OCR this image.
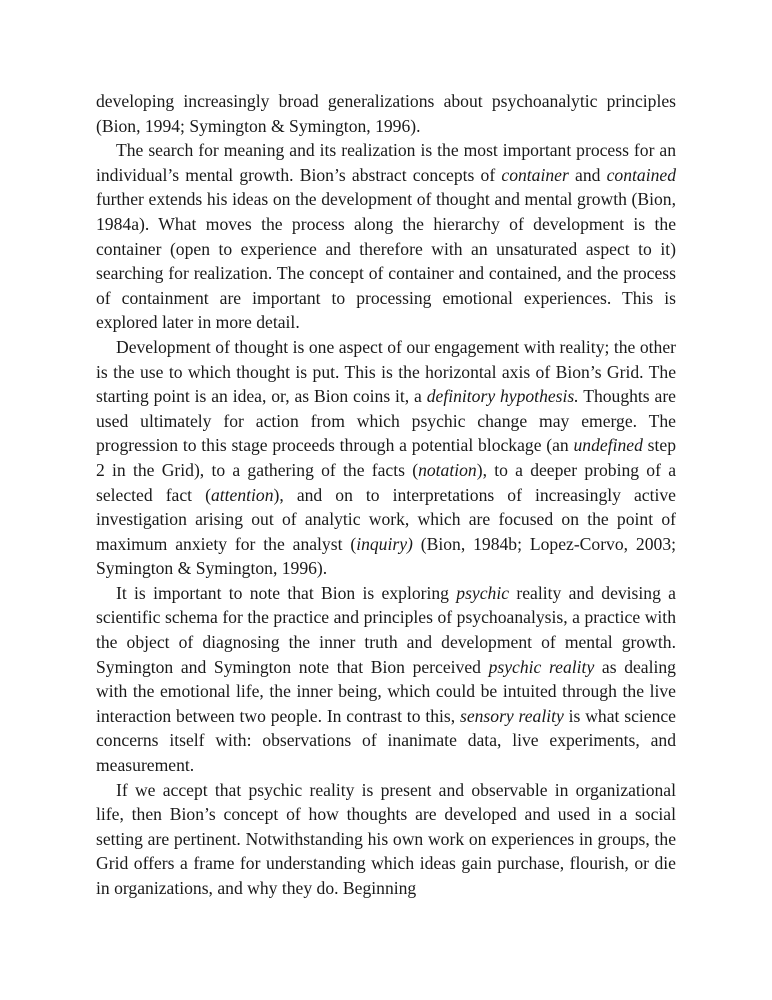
developing increasingly broad generalizations about psychoanalytic principles (Bion, 1994; Symington & Symington, 1996).

The search for meaning and its realization is the most important process for an individual’s mental growth. Bion’s abstract concepts of container and contained further extends his ideas on the development of thought and mental growth (Bion, 1984a). What moves the process along the hierarchy of development is the container (open to experience and therefore with an unsaturated aspect to it) searching for realization. The concept of container and contained, and the process of containment are important to processing emotional experiences. This is explored later in more detail.

Development of thought is one aspect of our engagement with reality; the other is the use to which thought is put. This is the horizontal axis of Bion’s Grid. The starting point is an idea, or, as Bion coins it, a definitory hypothesis. Thoughts are used ultimately for action from which psychic change may emerge. The progression to this stage proceeds through a potential blockage (an undefined step 2 in the Grid), to a gathering of the facts (notation), to a deeper probing of a selected fact (attention), and on to interpretations of increasingly active investigation arising out of analytic work, which are focused on the point of maximum anxiety for the analyst (inquiry) (Bion, 1984b; Lopez-Corvo, 2003; Symington & Symington, 1996).

It is important to note that Bion is exploring psychic reality and devising a scientific schema for the practice and principles of psychoanalysis, a practice with the object of diagnosing the inner truth and development of mental growth. Symington and Symington note that Bion perceived psychic reality as dealing with the emotional life, the inner being, which could be intuited through the live interaction between two people. In contrast to this, sensory reality is what science concerns itself with: observations of inanimate data, live experiments, and measurement.

If we accept that psychic reality is present and observable in organizational life, then Bion’s concept of how thoughts are developed and used in a social setting are pertinent. Notwithstanding his own work on experiences in groups, the Grid offers a frame for understanding which ideas gain purchase, flourish, or die in organizations, and why they do. Beginning
